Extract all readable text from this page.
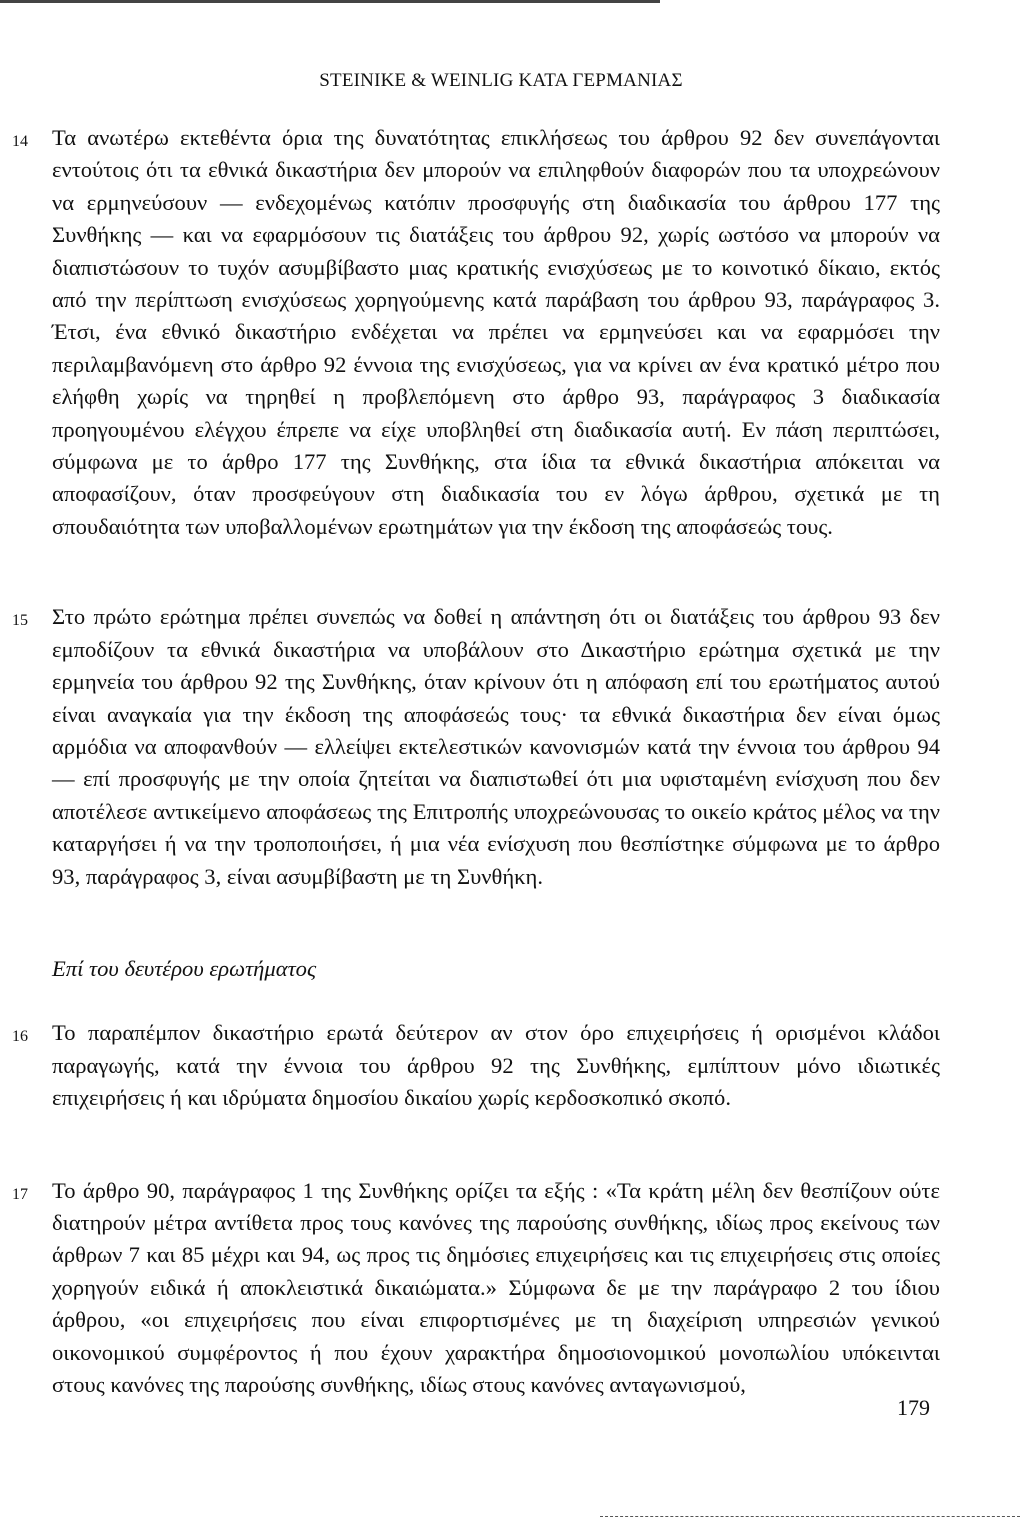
STEINIKE & WEINLIG ΚΑΤΑ ΓΕΡΜΑΝΙΑΣ
14 Τα ανωτέρω εκτεθέντα όρια της δυνατότητας επικλήσεως του άρθρου 92 δεν συνεπάγονται εντούτοις ότι τα εθνικά δικαστήρια δεν μπορούν να επιληφθούν διαφορών που τα υποχρεώνουν να ερμηνεύσουν — ενδεχομένως κατόπιν προσφυγής στη διαδικασία του άρθρου 177 της Συνθήκης — και να εφαρμόσουν τις διατάξεις του άρθρου 92, χωρίς ωστόσο να μπορούν να διαπιστώσουν το τυχόν ασυμβίβαστο μιας κρατικής ενισχύσεως με το κοινοτικό δίκαιο, εκτός από την περίπτωση ενισχύσεως χορηγούμενης κατά παράβαση του άρθρου 93, παράγραφος 3. Έτσι, ένα εθνικό δικαστήριο ενδέχεται να πρέπει να ερμηνεύσει και να εφαρμόσει την περιλαμβανόμενη στο άρθρο 92 έννοια της ενισχύσεως, για να κρίνει αν ένα κρατικό μέτρο που ελήφθη χωρίς να τηρηθεί η προβλεπόμενη στο άρθρο 93, παράγραφος 3 διαδικασία προηγουμένου ελέγχου έπρεπε να είχε υποβληθεί στη διαδικασία αυτή. Εν πάση περιπτώσει, σύμφωνα με το άρθρο 177 της Συνθήκης, στα ίδια τα εθνικά δικαστήρια απόκειται να αποφασίζουν, όταν προσφεύγουν στη διαδικασία του εν λόγω άρθρου, σχετικά με τη σπουδαιότητα των υποβαλλομένων ερωτημάτων για την έκδοση της αποφάσεώς τους.
15 Στο πρώτο ερώτημα πρέπει συνεπώς να δοθεί η απάντηση ότι οι διατάξεις του άρθρου 93 δεν εμποδίζουν τα εθνικά δικαστήρια να υποβάλουν στο Δικαστήριο ερώτημα σχετικά με την ερμηνεία του άρθρου 92 της Συνθήκης, όταν κρίνουν ότι η απόφαση επί του ερωτήματος αυτού είναι αναγκαία για την έκδοση της αποφάσεώς τους· τα εθνικά δικαστήρια δεν είναι όμως αρμόδια να αποφανθούν — ελλείψει εκτελεστικών κανονισμών κατά την έννοια του άρθρου 94 — επί προσφυγής με την οποία ζητείται να διαπιστωθεί ότι μια υφισταμένη ενίσχυση που δεν αποτέλεσε αντικείμενο αποφάσεως της Επιτροπής υποχρεώνουσας το οικείο κράτος μέλος να την καταργήσει ή να την τροποποιήσει, ή μια νέα ενίσχυση που θεσπίστηκε σύμφωνα με το άρθρο 93, παράγραφος 3, είναι ασυμβίβαστη με τη Συνθήκη.
Επί του δευτέρου ερωτήματος
16 Το παραπέμπον δικαστήριο ερωτά δεύτερον αν στον όρο επιχειρήσεις ή ορισμένοι κλάδοι παραγωγής, κατά την έννοια του άρθρου 92 της Συνθήκης, εμπίπτουν μόνο ιδιωτικές επιχειρήσεις ή και ιδρύματα δημοσίου δικαίου χωρίς κερδοσκοπικό σκοπό.
17 Το άρθρο 90, παράγραφος 1 της Συνθήκης ορίζει τα εξής : «Τα κράτη μέλη δεν θεσπίζουν ούτε διατηρούν μέτρα αντίθετα προς τους κανόνες της παρούσης συνθήκης, ιδίως προς εκείνους των άρθρων 7 και 85 μέχρι και 94, ως προς τις δημόσιες επιχειρήσεις και τις επιχειρήσεις στις οποίες χορηγούν ειδικά ή αποκλειστικά δικαιώματα.» Σύμφωνα δε με την παράγραφο 2 του ίδιου άρθρου, «οι επιχειρήσεις που είναι επιφορτισμένες με τη διαχείριση υπηρεσιών γενικού οικονομικού συμφέροντος ή που έχουν χαρακτήρα δημοσιονομικού μονοπωλίου υπόκεινται στους κανόνες της παρούσης συνθήκης, ιδίως στους κανόνες ανταγωνισμού,
179
